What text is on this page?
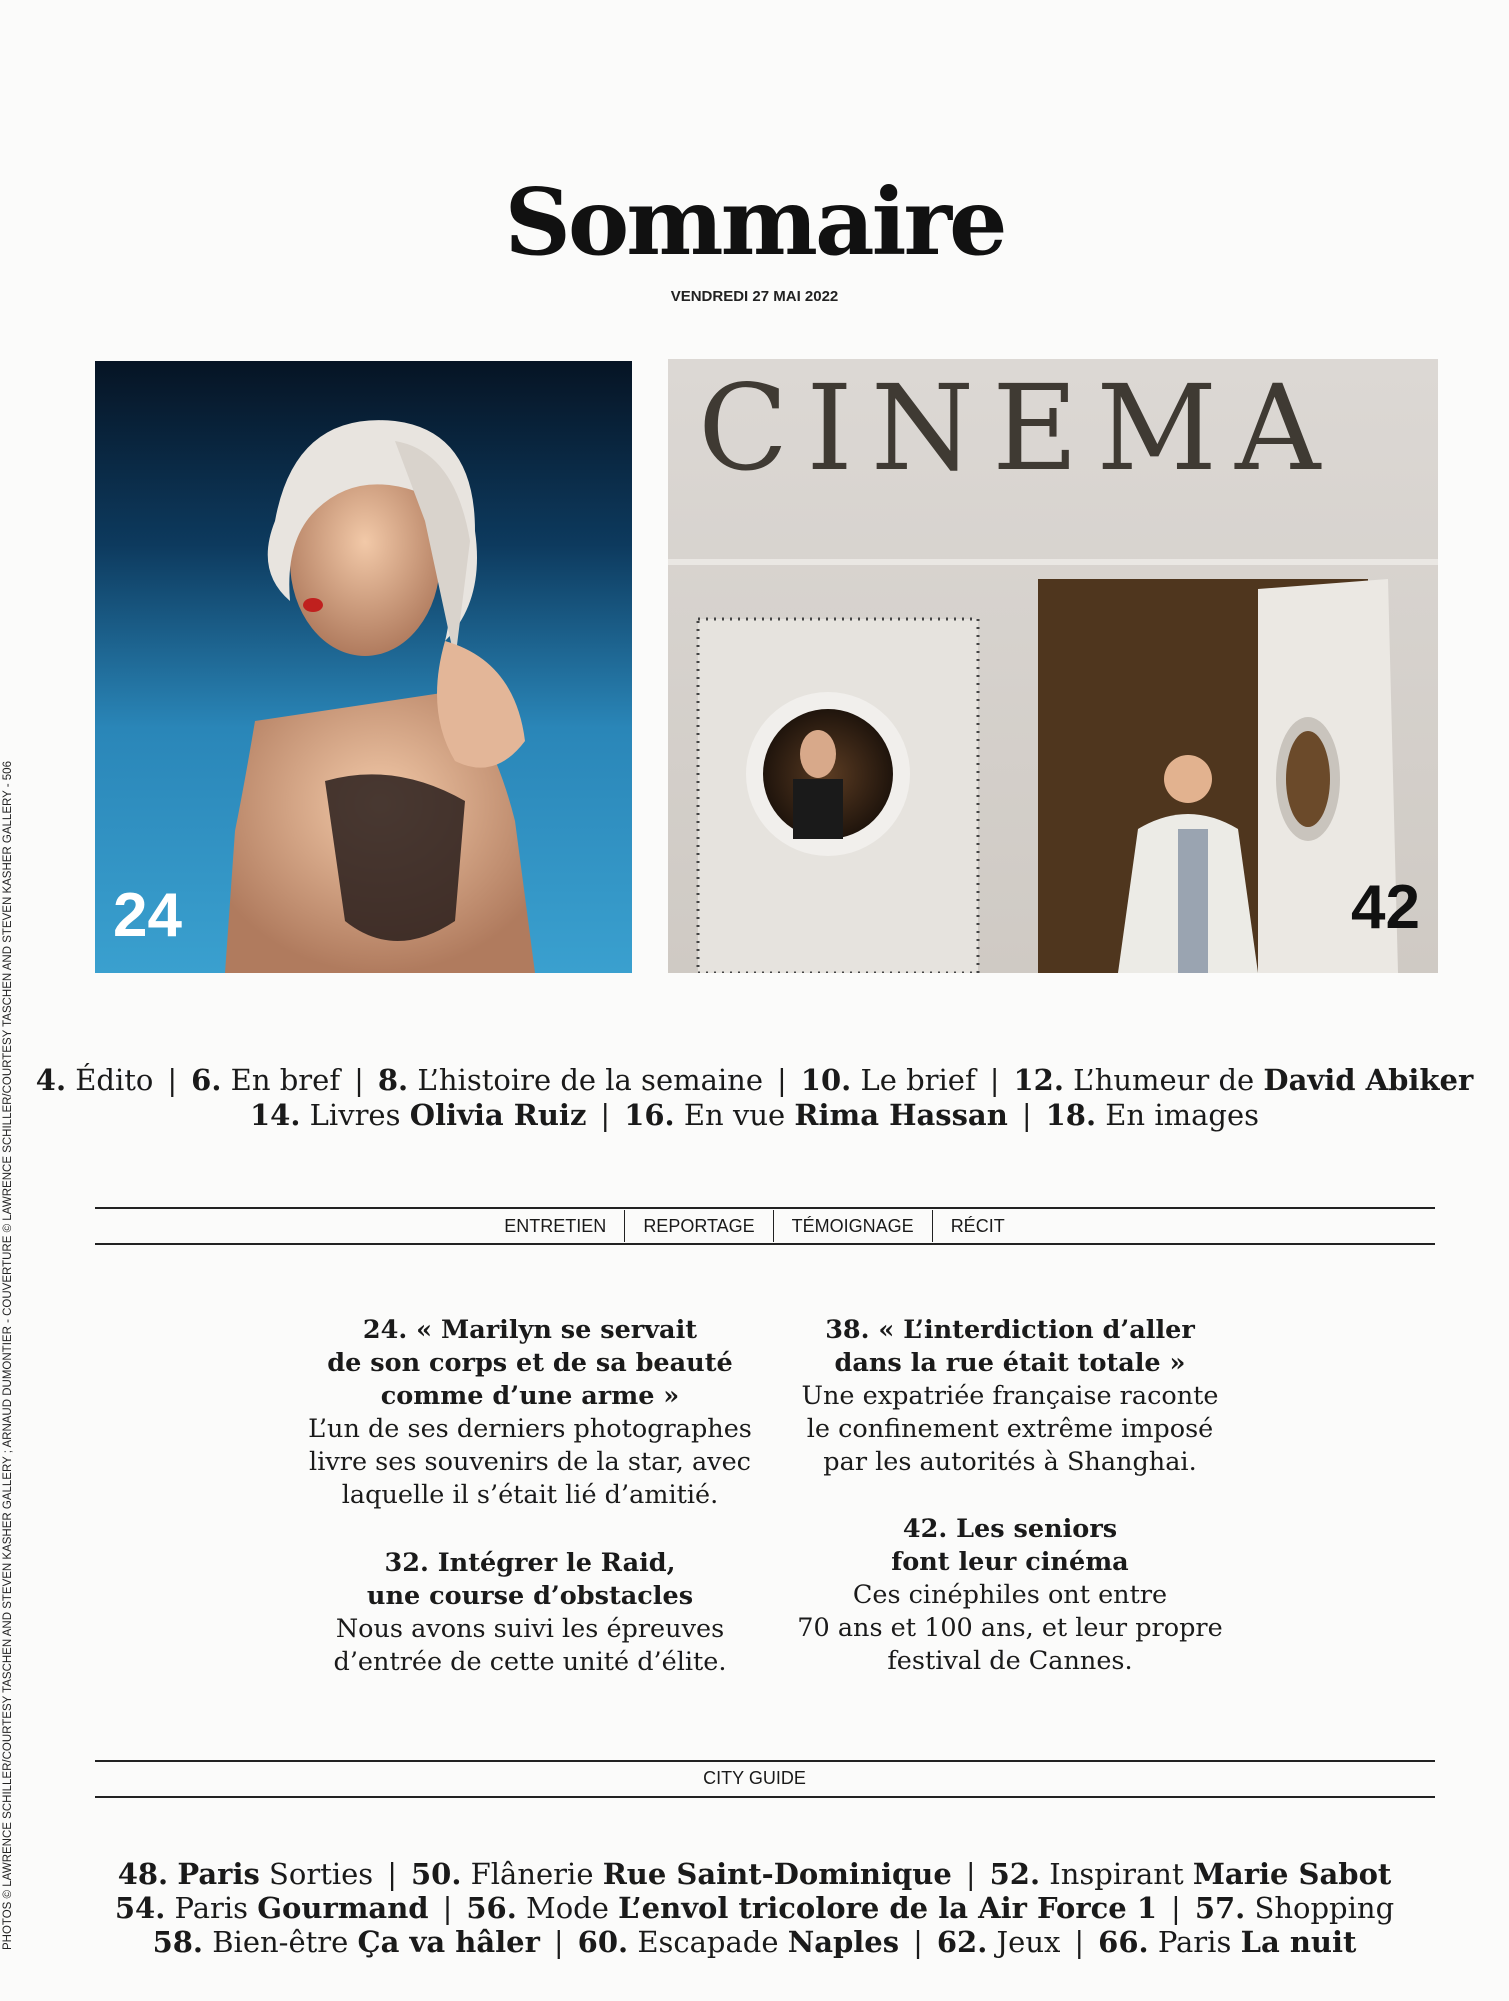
Sommaire
VENDREDI 27 MAI 2022
24
CINEMA
42
4. Édito | 6. En bref | 8. L’histoire de la semaine | 10. Le brief | 12. L’humeur de David Abiker
14. Livres Olivia Ruiz | 16. En vue Rima Hassan | 18. En images
ENTRETIEN	REPORTAGE	TÉMOIGNAGE	RÉCIT
24. « Marilyn se servait
de son corps et de sa beauté
comme d’une arme »
L’un de ses derniers photographes
livre ses souvenirs de la star, avec
laquelle il s’était lié d’amitié.
32. Intégrer le Raid,
une course d’obstacles
Nous avons suivi les épreuves
d’entrée de cette unité d’élite.
38. « L’interdiction d’aller
dans la rue était totale »
Une expatriée française raconte
le confinement extrême imposé
par les autorités à Shanghai.
42. Les seniors
font leur cinéma
Ces cinéphiles ont entre
70 ans et 100 ans, et leur propre
festival de Cannes.
CITY GUIDE
48. Paris Sorties | 50. Flânerie Rue Saint-Dominique | 52. Inspirant Marie Sabot
54. Paris Gourmand | 56. Mode L’envol tricolore de la Air Force 1 | 57. Shopping
58. Bien-être Ça va hâler | 60. Escapade Naples | 62. Jeux | 66. Paris La nuit
PHOTOS © LAWRENCE SCHILLER/COURTESY TASCHEN AND STEVEN KASHER GALLERY ; ARNAUD DUMONTIER - COUVERTURE © LAWRENCE SCHILLER/COURTESY TASCHEN AND STEVEN KASHER GALLERY - 506
